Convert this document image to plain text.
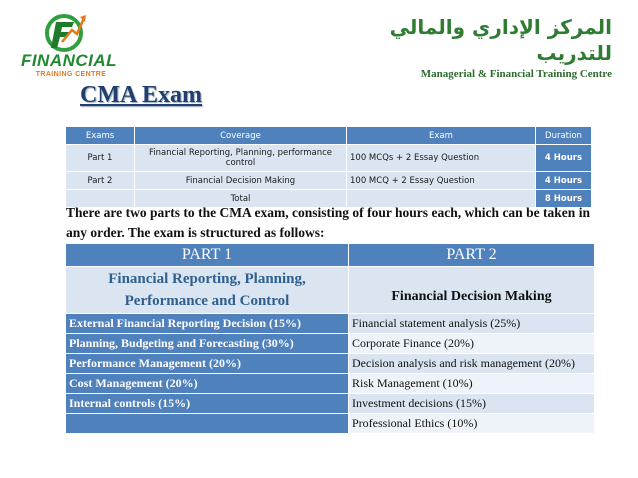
FINANCIAL
TRAINING CENTRE
المركز الإداري والمالي للتدريب
Managerial & Financial Training Centre
CMA Exam
Exams	Coverage	Exam	Duration
Part 1	Financial Reporting, Planning, performance control	100 MCQs + 2 Essay Question	4 Hours
Part 2	Financial Decision Making	100 MCQ + 2 Essay Question	4 Hours
	Total		8 Hours
There are two parts to the CMA exam, consisting of four hours each, which can be taken in any order. The exam is structured as follows:
PART 1	PART 2

Financial Reporting, Planning,
Performance and Control	Financial Decision Making
External Financial Reporting Decision (15%)	Financial statement analysis (25%)
Planning, Budgeting and Forecasting (30%)	Corporate Finance (20%)
Performance Management (20%)	Decision analysis and risk management (20%)
Cost Management (20%)	Risk Management (10%)
Internal controls (15%)	Investment decisions (15%)
	Professional Ethics (10%)
